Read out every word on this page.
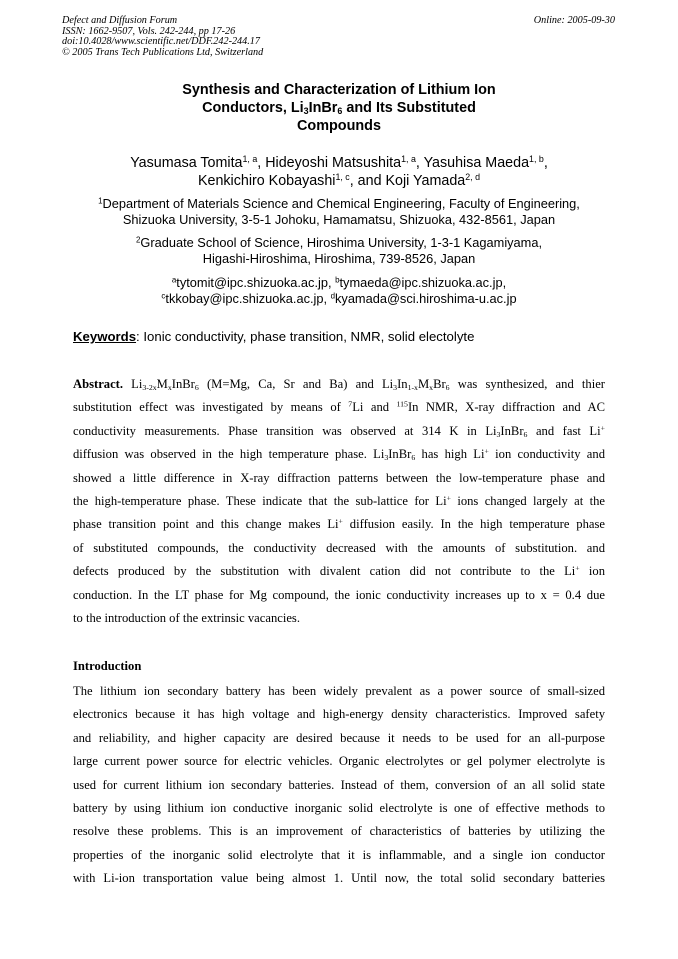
Defect and Diffusion Forum
ISSN: 1662-9507, Vols. 242-244, pp 17-26
doi:10.4028/www.scientific.net/DDF.242-244.17
© 2005 Trans Tech Publications Ltd, Switzerland
Online: 2005-09-30
Synthesis and Characterization of Lithium Ion
Conductors, $Li_3InBr_6$ and Its Substituted
Compounds
Yasumasa Tomita$^{1, a}$, Hideyoshi Matsushita$^{1, a}$, Yasuhisa Maeda$^{1, b}$,
Kenkichiro Kobayashi$^{1, c}$, and Koji Yamada$^{2, d}$
$^1$Department of Materials Science and Chemical Engineering, Faculty of Engineering,
Shizuoka University, 3-5-1 Johoku, Hamamatsu, Shizuoka, 432-8561, Japan
$^2$Graduate School of Science, Hiroshima University, 1-3-1 Kagamiyama,
Higashi-Hiroshima, Hiroshima, 739-8526, Japan
$^a$tytomit@ipc.shizuoka.ac.jp, $^b$tymaeda@ipc.shizuoka.ac.jp,
$^c$tkkobay@ipc.shizuoka.ac.jp, $^d$kyamada@sci.hiroshima-u.ac.jp
Keywords: Ionic conductivity, phase transition, NMR, solid electolyte
Abstract. $Li_{3-2x}M_xInBr_6$ (M=Mg, Ca, Sr and Ba) and $Li_3In_{1-x}M_xBr_6$ was synthesized, and thier
substitution effect was investigated by means of $^7$Li and $^{115}$In NMR, X-ray diffraction and AC
conductivity measurements. Phase transition was observed at 314 K in $Li_3InBr_6$ and fast Li+
diffusion was observed in the high temperature phase. $Li_3InBr_6$ has high Li+ ion conductivity and
showed a little difference in X-ray diffraction patterns between the low-temperature phase and
the high-temperature phase. These indicate that the sub-lattice for Li+ ions changed largely at the
phase transition point and this change makes Li+ diffusion easily. In the high temperature phase
of substituted compounds, the conductivity decreased with the amounts of substitution. and
defects produced by the substitution with divalent cation did not contribute to the Li+ ion
conduction. In the LT phase for Mg compound, the ionic conductivity increases up to x = 0.4 due
to the introduction of the extrinsic vacancies.
Introduction
The lithium ion secondary battery has been widely prevalent as a power source of small-sized
electronics because it has high voltage and high-energy density characteristics. Improved safety
and reliability, and higher capacity are desired because it needs to be used for an all-purpose
large current power source for electric vehicles. Organic electrolytes or gel polymer electrolyte is
used for current lithium ion secondary batteries. Instead of them, conversion of an all solid state
battery by using lithium ion conductive inorganic solid electrolyte is one of effective methods to
resolve these problems. This is an improvement of characteristics of batteries by utilizing the
properties of the inorganic solid electrolyte that it is inflammable, and a single ion conductor
with Li-ion transportation value being almost 1. Until now, the total solid secondary batteries
